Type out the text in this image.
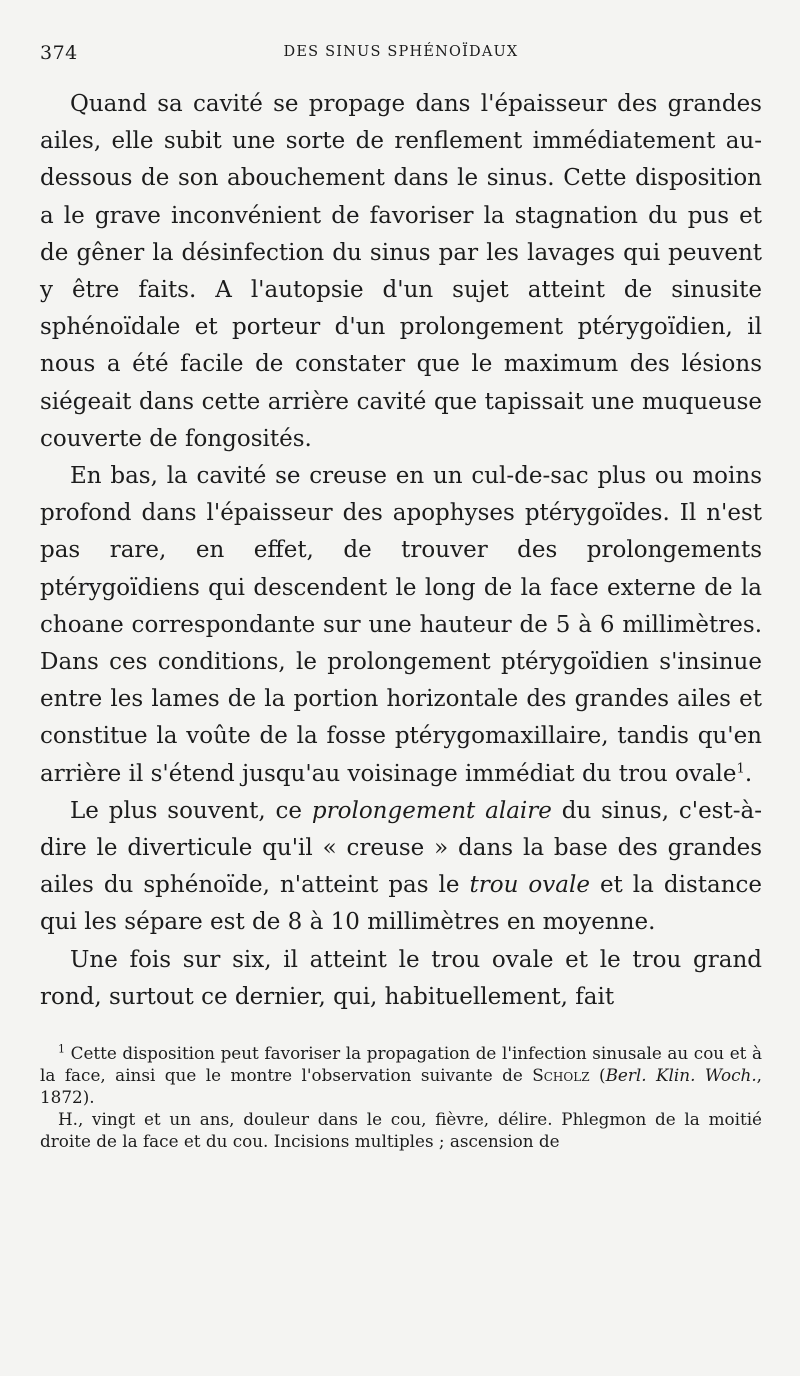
374	DES SINUS SPHÉNOÏDAUX

Quand sa cavité se propage dans l'épaisseur des grandes ailes, elle subit une sorte de renflement immédiatement au-dessous de son abouchement dans le sinus. Cette disposition a le grave inconvénient de favoriser la stagnation du pus et de gêner la désinfection du sinus par les lavages qui peuvent y être faits. A l'autopsie d'un sujet atteint de sinusite sphénoïdale et porteur d'un prolongement ptérygoïdien, il nous a été facile de constater que le maximum des lésions siégeait dans cette arrière cavité que tapissait une muqueuse couverte de fongosités.

En bas, la cavité se creuse en un cul-de-sac plus ou moins profond dans l'épaisseur des apophyses ptérygoïdes. Il n'est pas rare, en effet, de trouver des prolongements ptérygoïdiens qui descendent le long de la face externe de la choane correspondante sur une hauteur de 5 à 6 millimètres. Dans ces conditions, le prolongement ptérygoïdien s'insinue entre les lames de la portion horizontale des grandes ailes et constitue la voûte de la fosse ptérygomaxillaire, tandis qu'en arrière il s'étend jusqu'au voisinage immédiat du trou ovale$^1$.

Le plus souvent, ce prolongement alaire du sinus, c'est-à-dire le diverticule qu'il « creuse » dans la base des grandes ailes du sphénoïde, n'atteint pas le trou ovale et la distance qui les sépare est de 8 à 10 millimètres en moyenne.

Une fois sur six, il atteint le trou ovale et le trou grand rond, surtout ce dernier, qui, habituellement, fait

$^1$ Cette disposition peut favoriser la propagation de l'infection sinusale au cou et à la face, ainsi que le montre l'observation suivante de Scholz (Berl. Klin. Woch., 1872).

H., vingt et un ans, douleur dans le cou, fièvre, délire. Phlegmon de la moitié droite de la face et du cou. Incisions multiples ; ascension de
